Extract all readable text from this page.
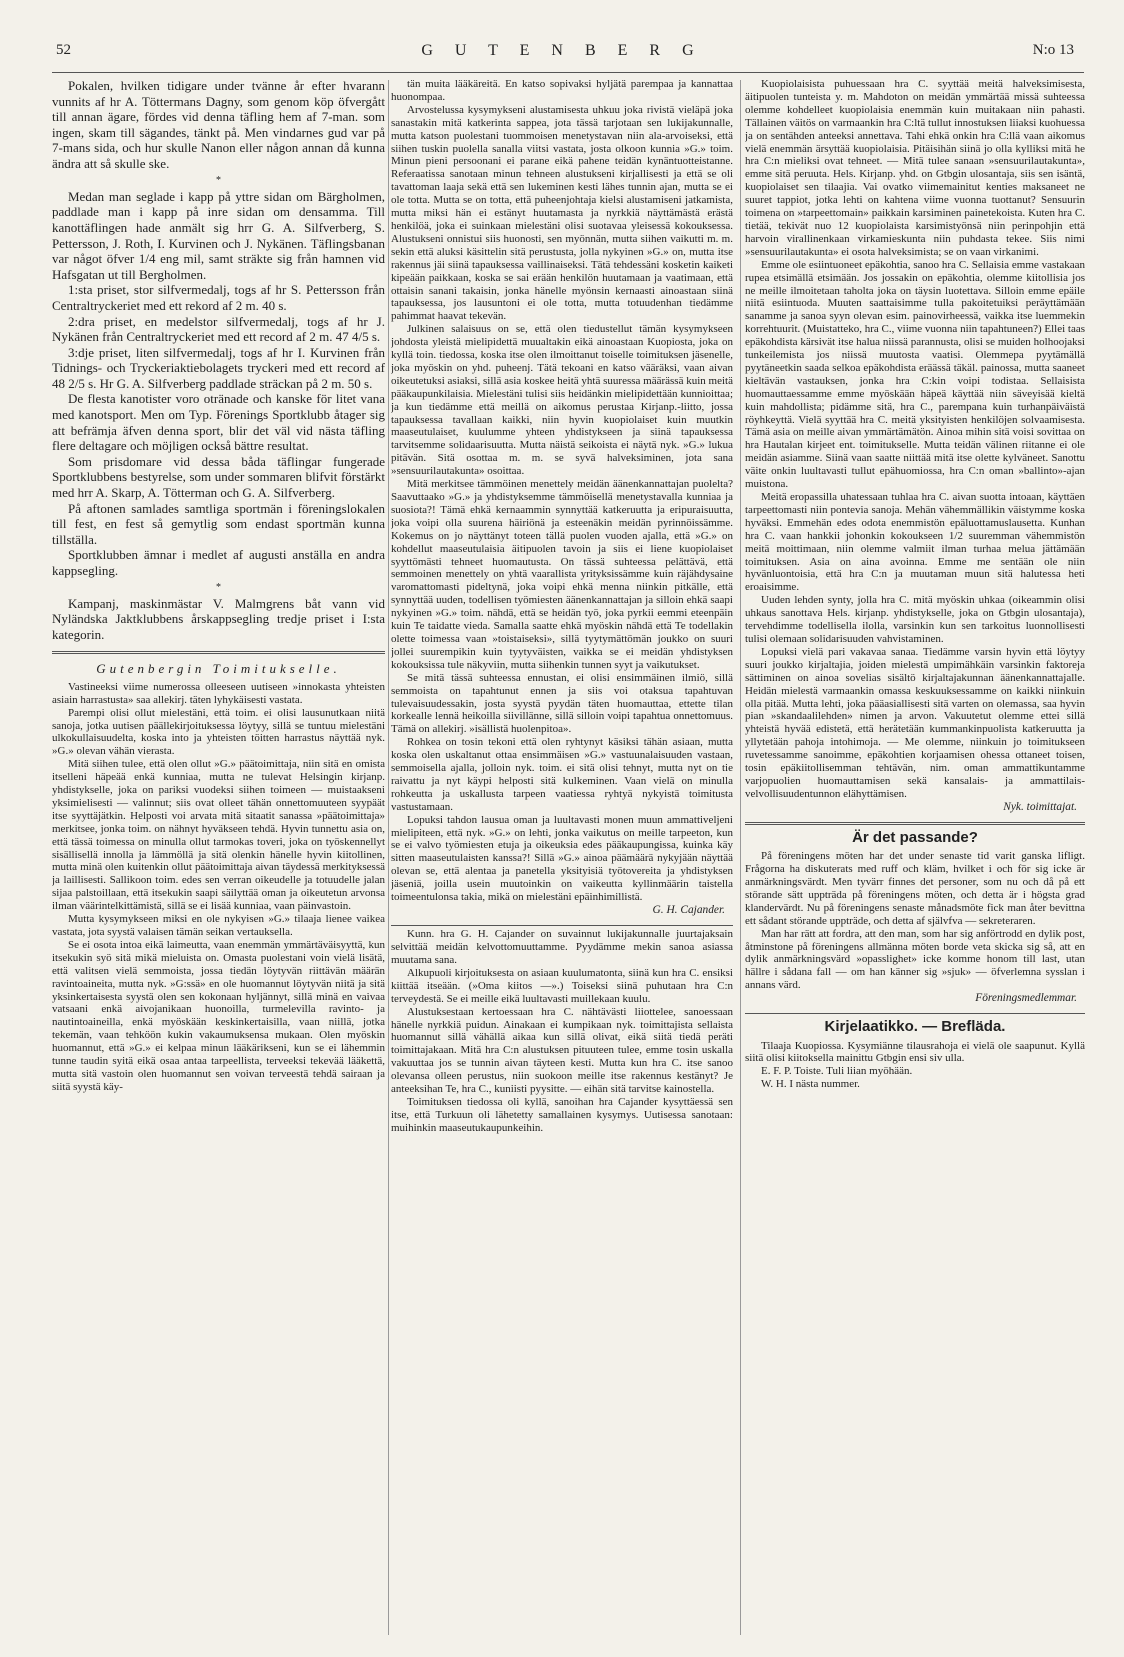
52	G U T E N B E R G	N:o 13

Pokalen, hvilken tidigare under tvänne år efter hvarann vunnits af hr A. Töttermans Dagny, som genom köp öfvergått till annan ägare, fördes vid denna täfling hem af 7-man. som ingen, skam till sägandes, tänkt på. Men vindarnes gud var på 7-mans sida, och hur skulle Nanon eller någon annan då kunna ändra att så skulle ske.

*

Medan man seglade i kapp på yttre sidan om Bärgholmen, paddlade man i kapp på inre sidan om densamma. Till kanottäflingen hade anmält sig hrr G. A. Silfverberg, S. Pettersson, J. Roth, I. Kurvinen och J. Nykänen. Täflingsbanan var något öfver 1/4 eng mil, samt sträkte sig från hamnen vid Hafsgatan ut till Bergholmen.

1:sta priset, stor silfvermedalj, togs af hr S. Pettersson från Centraltryckeriet med ett rekord af 2 m. 40 s.

2:dra priset, en medelstor silfvermedalj, togs af hr J. Nykänen från Centraltryckeriet med ett record af 2 m. 47 4/5 s.

3:dje priset, liten silfvermedalj, togs af hr I. Kurvinen från Tidnings- och Tryckeriaktiebolagets tryckeri med ett record af 48 2/5 s. Hr G. A. Silfverberg paddlade sträckan på 2 m. 50 s.

De flesta kanotister voro otränade och kanske för litet vana med kanotsport. Men om Typ. Förenings Sportklubb åtager sig att befrämja äfven denna sport, blir det väl vid nästa täfling flere deltagare och möjligen också bättre resultat.

Som prisdomare vid dessa båda täflingar fungerade Sportklubbens bestyrelse, som under sommaren blifvit förstärkt med hrr A. Skarp, A. Tötterman och G. A. Silfverberg.

På aftonen samlades samtliga sportmän i föreningslokalen till fest, en fest så gemytlig som endast sportmän kunna tillställa.

Sportklubben ämnar i medlet af augusti anställa en andra kappsegling.

*

Kampanj, maskinmästar V. Malmgrens båt vann vid Nyländska Jaktklubbens årskappsegling tredje priset i I:sta kategorin.

Gutenbergin Toimitukselle.

Vastineeksi viime numerossa olleeseen uutiseen »innokasta yhteisten asiain harrastusta» saa allekirj. täten lyhykäisesti vastata.

Parempi olisi ollut mielestäni, että toim. ei olisi lausunutkaan niitä sanoja, jotka uutisen päällekirjoituksessa löytyy, sillä se tuntuu mielestäni ulkokullaisuudelta, koska into ja yhteisten töitten harrastus näyttää nyk. »G.» olevan vähän vierasta.

Mitä siihen tulee, että olen ollut »G.» päätoimittaja, niin sitä en omista itselleni häpeää enkä kunniaa, mutta ne tulevat Helsingin kirjanp. yhdistykselle, joka on pariksi vuodeksi siihen toimeen — muistaakseni yksimielisesti — valinnut; siis ovat olleet tähän onnettomuuteen syypäät itse syyttäjätkin. Helposti voi arvata mitä sitaatit sanassa »päätoimittaja» merkitsee, jonka toim. on nähnyt hyväkseen tehdä. Hyvin tunnettu asia on, että tässä toimessa on minulla ollut tarmokas toveri, joka on työskennellyt sisällisellä innolla ja lämmöllä ja sitä olenkin hänelle hyvin kiitollinen, mutta minä olen kuitenkin ollut päätoimittaja aivan täydessä merkityksessä ja laillisesti. Sallikoon toim. edes sen verran oikeudelle ja totuudelle jalan sijaa palstoillaan, että itsekukin saapi säilyttää oman ja oikeutetun arvonsa ilman väärintelkittämistä, sillä se ei lisää kunniaa, vaan päinvastoin.

Mutta kysymykseen miksi en ole nykyisen »G.» tilaaja lienee vaikea vastata, jota syystä valaisen tämän seikan vertauksella.

Se ei osota intoa eikä laimeutta, vaan enemmän ymmärtäväisyyttä, kun itsekukin syö sitä mikä mieluista on. Omasta puolestani voin vielä lisätä, että valitsen vielä semmoista, jossa tiedän löytyvän riittävän määrän ravintoaineita, mutta nyk. »G:ssä» en ole huomannut löytyvän niitä ja sitä yksinkertaisesta syystä olen sen kokonaan hyljännyt, sillä minä en vaivaa vatsaani enkä aivojanikaan huonoilla, turmelevilla ravinto- ja nautintoaineilla, enkä myöskään keskinkertaisilla, vaan niillä, jotka tekemän, vaan tehköön kukin vakaumuksensa mukaan. Olen myöskin huomannut, että »G.» ei kelpaa minun lääkärikseni, kun se ei lähemmin tunne taudin syitä eikä osaa antaa tarpeellista, terveeksi tekevää lääkettä, mutta sitä vastoin olen huomannut sen voivan terveestä tehdä sairaan ja siitä syystä käy-

tän muita lääkäreitä. En katso sopivaksi hyljätä parempaa ja kannattaa huonompaa.

Arvostelussa kysymykseni alustamisesta uhkuu joka rivistä vieläpä joka sanastakin mitä katkerinta sappea, jota tässä tarjotaan sen lukijakunnalle, mutta katson puolestani tuommoisen menetystavan niin ala-arvoiseksi, että siihen tuskin puolella sanalla viitsi vastata, josta olkoon kunnia »G.» toim. Minun pieni persoonani ei parane eikä pahene teidän kynäntuotteistanne. Referaatissa sanotaan minun tehneen alustukseni kirjallisesti ja että se oli tavattoman laaja sekä että sen lukeminen kesti lähes tunnin ajan, mutta se ei ole totta. Mutta se on totta, että puheenjohtaja kielsi alustamiseni jatkamista, mutta miksi hän ei estänyt huutamasta ja nyrkkiä näyttämästä erästä henkilöä, joka ei suinkaan mielestäni olisi suotavaa yleisessä kokouksessa. Alustukseni onnistui siis huonosti, sen myönnän, mutta siihen vaikutti m. m. sekin että aluksi käsittelin sitä perustusta, jolla nykyinen »G.» on, mutta itse rakennus jäi siinä tapauksessa vaillinaiseksi. Tätä tehdessäni kosketin kaiketi kipeään paikkaan, koska se sai erään henkilön huutamaan ja vaatimaan, että ottaisin sanani takaisin, jonka hänelle myönsin kernaasti ainoastaan siinä tapauksessa, jos lausuntoni ei ole totta, mutta totuudenhan tiedämme pahimmat haavat tekevän.

Julkinen salaisuus on se, että olen tiedustellut tämän kysymykseen johdosta yleistä mielipidettä muualtakin eikä ainoastaan Kuopiosta, joka on kyllä toin. tiedossa, koska itse olen ilmoittanut toiselle toimituksen jäsenelle, joka myöskin on yhd. puheenj. Tätä tekoani en katso vääräksi, vaan aivan oikeutetuksi asiaksi, sillä asia koskee heitä yhtä suuressa määrässä kuin meitä pääkaupunkilaisia. Mielestäni tulisi siis heidänkin mielipidettään kunnioittaa; ja kun tiedämme että meillä on aikomus perustaa Kirjanp.-liitto, jossa tapauksessa tavallaan kaikki, niin hyvin kuopiolaiset kuin muutkin maaseutulaiset, kuulumme yhteen yhdistykseen ja siinä tapauksessa tarvitsemme solidaarisuutta. Mutta näistä seikoista ei näytä nyk. »G.» lukua pitävän. Sitä osottaa m. m. se syvä halveksiminen, jota sana »sensuurilautakunta» osoittaa.

Mitä merkitsee tämmöinen menettely meidän äänenkannattajan puolelta? Saavuttaako »G.» ja yhdistyksemme tämmöisellä menetystavalla kunniaa ja suosiota?! Tämä ehkä kernaammin synnyttää katkeruutta ja eripuraisuutta, joka voipi olla suurena häiriönä ja esteenäkin meidän pyrinnöissämme. Kokemus on jo näyttänyt toteen tällä puolen vuoden ajalla, että »G.» on kohdellut maaseutulaisia äitipuolen tavoin ja siis ei liene kuopiolaiset syyttömästi tehneet huomautusta. On tässä suhteessa pelättävä, että semmoinen menettely on yhtä vaarallista yrityksissämme kuin räjähdysaine varomattomasti pideltynä, joka voipi ehkä menna niinkin pitkälle, että synnyttää uuden, todellisen työmiesten äänenkannattajan ja silloin ehkä saapi nykyinen »G.» toim. nähdä, että se heidän työ, joka pyrkii eemmi eteenpäin kuin Te taidatte vieda. Samalla saatte ehkä myöskin nähdä että Te todellakin olette toimessa vaan »toistaiseksi», sillä tyytymättömän joukko on suuri jollei suurempikin kuin tyytyväisten, vaikka se ei meidän yhdistyksen kokouksissa tule näkyviin, mutta siihenkin tunnen syyt ja vaikutukset.

Se mitä tässä suhteessa ennustan, ei olisi ensimmäinen ilmiö, sillä semmoista on tapahtunut ennen ja siis voi otaksua tapahtuvan tulevaisuudessakin, josta syystä pyydän täten huomauttaa, ettette tilan korkealle lennä heikoilla siivillänne, sillä silloin voipi tapahtua onnettomuus. Tämä on allekirj. »isällistä huolenpitoa».

Rohkea on tosin tekoni että olen ryhtynyt käsiksi tähän asiaan, mutta koska olen uskaltanut ottaa ensimmäisen »G.» vastuunalaisuuden vastaan, semmoisella ajalla, jolloin nyk. toim. ei sitä olisi tehnyt, mutta nyt on tie raivattu ja nyt käypi helposti sitä kulkeminen. Vaan vielä on minulla rohkeutta ja uskallusta tarpeen vaatiessa ryhtyä nykyistä toimitusta vastustamaan.

Lopuksi tahdon lausua oman ja luultavasti monen muun ammattiveljeni mielipiteen, että nyk. »G.» on lehti, jonka vaikutus on meille tarpeeton, kun se ei valvo työmiesten etuja ja oikeuksia edes pääkaupungissa, kuinka käy sitten maaseutulaisten kanssa?! Sillä »G.» ainoa päämäärä nykyjään näyttää olevan se, että alentaa ja panetella yksityisiä työtovereita ja yhdistyksen jäseniä, joilla usein muutoinkin on vaikeutta kyllinmäärin taistella toimeentulonsa takia, mikä on mielestäni epäinhimillistä.

G. H. Cajander.

Kunn. hra G. H. Cajander on suvainnut lukijakunnalle juurtajaksain selvittää meidän kelvottomuuttamme. Pyydämme mekin sanoa asiassa muutama sana.

Alkupuoli kirjoituksesta on asiaan kuulumatonta, siinä kun hra C. ensiksi kiittää itseään. (»Oma kiitos —».) Toiseksi siinä puhutaan hra C:n terveydestä. Se ei meille eikä luultavasti muillekaan kuulu.

Alustuksestaan kertoessaan hra C. nähtävästi liiottelee, sanoessaan hänelle nyrkkiä puidun. Ainakaan ei kumpikaan nyk. toimittajista sellaista huomannut sillä vähällä aikaa kun sillä olivat, eikä siitä tiedä peräti toimittajakaan. Mitä hra C:n alustuksen pituuteen tulee, emme tosin uskalla vakuuttaa jos se tunnin aivan täyteen kesti. Mutta kun hra C. itse sanoo olevansa olleen perustus, niin suokoon meille itse rakennus kestänyt? Je anteeksihan Te, hra C., kuniisti pyysitte. — eihän sitä tarvitse kainostella.

Toimituksen tiedossa oli kyllä, sanoihan hra Cajander kysyttäessä sen itse, että Turkuun oli lähetetty samallainen kysymys. Uutisessa sanotaan: muihinkin maaseutukaupunkeihin.

Kuopiolaisista puhuessaan hra C. syyttää meitä halveksimisesta, äitipuolen tunteista y. m. Mahdoton on meidän ymmärtää missä suhteessa olemme kohdelleet kuopiolaisia enemmän kuin muitakaan niin pahasti. Tällainen väitös on varmaankin hra C:ltä tullut innostuksen liiaksi kuohuessa ja on sentähden anteeksi annettava. Tahi ehkä onkin hra C:llä vaan aikomus vielä enemmän ärsyttää kuopiolaisia. Pitäisihän siinä jo olla kylliksi mitä he hra C:n mieliksi ovat tehneet. — Mitä tulee sanaan »sensuurilautakunta», emme sitä peruuta. Hels. Kirjanp. yhd. on Gtbgin ulosantaja, siis sen isäntä, kuopiolaiset sen tilaajia. Vai ovatko viimemainitut kenties maksaneet ne suuret tappiot, jotka lehti on kahtena viime vuonna tuottanut? Sensuurin toimena on »tarpeettomain» paikkain karsiminen painetekoista. Kuten hra C. tietää, tekivät nuo 12 kuopiolaista karsimistyönsä niin perinpohjin että harvoin virallinenkaan virkamieskunta niin puhdasta tekee. Siis nimi »sensuurilautakunta» ei osota halveksimista; se on vaan virkanimi.

Emme ole esiintuoneet epäkohtia, sanoo hra C. Sellaisia emme vastakaan rupea etsimällä etsimään. Jos jossakin on epäkohtia, olemme kiitollisia jos ne meille ilmoitetaan taholta joka on täysin luotettava. Silloin emme epäile niitä esiintuoda. Muuten saattaisimme tulla pakoitetuiksi peräyttämään sanamme ja sanoa syyn olevan esim. painovirheessä, vaikka itse luemmekin korrehtuurit. (Muistatteko, hra C., viime vuonna niin tapahtuneen?) Ellei taas epäkohdista kärsivät itse halua niissä parannusta, olisi se muiden holhoojaksi tunkeilemista jos niissä muutosta vaatisi. Olemmepa pyytämällä pyytäneetkin saada selkoa epäkohdista eräässä täkäl. painossa, mutta saaneet kieltävän vastauksen, jonka hra C:kin voipi todistaa. Sellaisista huomauttaessamme emme myöskään häpeä käyttää niin säveyisää kieltä kuin mahdollista; pidämme sitä, hra C., parempana kuin turhanpäiväistä röyhkeyttä. Vielä syyttää hra C. meitä yksityisten henkilöjen solvaamisesta. Tämä asia on meille aivan ymmärtämätön. Ainoa mihin sitä voisi sovittaa on hra Hautalan kirjeet ent. toimitukselle. Mutta teidän välinen riitanne ei ole meidän asiamme. Siinä vaan saatte niittää mitä itse olette kylväneet. Sanottu väite onkin luultavasti tullut epähuomiossa, hra C:n oman »ballinto»-ajan muistona.

Meitä eropassilla uhatessaan tuhlaa hra C. aivan suotta intoaan, käyttäen tarpeettomasti niin pontevia sanoja. Mehän vähemmällikin väistymme koska hyväksi. Emmehän edes odota enemmistön epäluottamuslausetta. Kunhan hra C. vaan hankkii johonkin kokoukseen 1/2 suuremman vähemmistön meitä moittimaan, niin olemme valmiit ilman turhaa melua jättämään toimituksen. Asia on aina avoinna. Emme me sentään ole niin hyvänluontoisia, että hra C:n ja muutaman muun sitä halutessa heti eroaisimme.

Uuden lehden synty, jolla hra C. mitä myöskin uhkaa (oikeammin olisi uhkaus sanottava Hels. kirjanp. yhdistykselle, joka on Gtbgin ulosantaja), tervehdimme todellisella ilolla, varsinkin kun sen tarkoitus luonnollisesti tulisi olemaan solidarisuuden vahvistaminen.

Lopuksi vielä pari vakavaa sanaa. Tiedämme varsin hyvin että löytyy suuri joukko kirjaltajia, joiden mielestä umpimähkäin varsinkin faktoreja sättiminen on ainoa sovelias sisältö kirjaltajakunnan äänenkannattajalle. Heidän mielestä varmaankin omassa keskuuksessamme on kaikki niinkuin olla pitää. Mutta lehti, joka pääasiallisesti sitä varten on olemassa, saa hyvin pian »skandaalilehden» nimen ja arvon. Vakuutetut olemme ettei sillä yhteistä hyvää edistetä, että herätetään kummankinpuolista katkeruutta ja yllytetään pahoja intohimoja. — Me olemme, niinkuin jo toimitukseen ruvetessamme sanoimme, epäkohtien korjaamisen ohessa ottaneet toisen, tosin epäkiitollisemman tehtävän, nim. oman ammattikuntamme varjopuolien huomauttamisen sekä kansalais- ja ammattilais-velvollisuudentunnon elähyttämisen.

Nyk. toimittajat.
Är det passande?

På föreningens möten har det under senaste tid varit ganska lifligt. Frågorna ha diskuterats med ruff och kläm, hvilket i och för sig icke är anmärkningsvärdt. Men tyvärr finnes det personer, som nu och då på ett störande sätt uppträda på föreningens möten, och detta är i högsta grad klandervärdt. Nu på föreningens senaste månadsmöte fick man åter bevittna ett sådant störande uppträde, och detta af självfva — sekreteraren.

Man har rätt att fordra, att den man, som har sig anförtrodd en dylik post, åtminstone på föreningens allmänna möten borde veta skicka sig så, att en dylik anmärkningsvärd »opasslighet» icke komme honom till last, utan hällre i sådana fall — om han känner sig »sjuk» — öfverlemna sysslan i annans värd.

Föreningsmedlemmar.
Kirjelaatikko. — Brefläda.

Tilaaja Kuopiossa. Kysymiänne tilausrahoja ei vielä ole saapunut. Kyllä siitä olisi kiitoksella mainittu Gtbgin ensi siv ulla.

E. F. P. Toiste. Tuli liian myöhään.

W. H. I nästa nummer.
